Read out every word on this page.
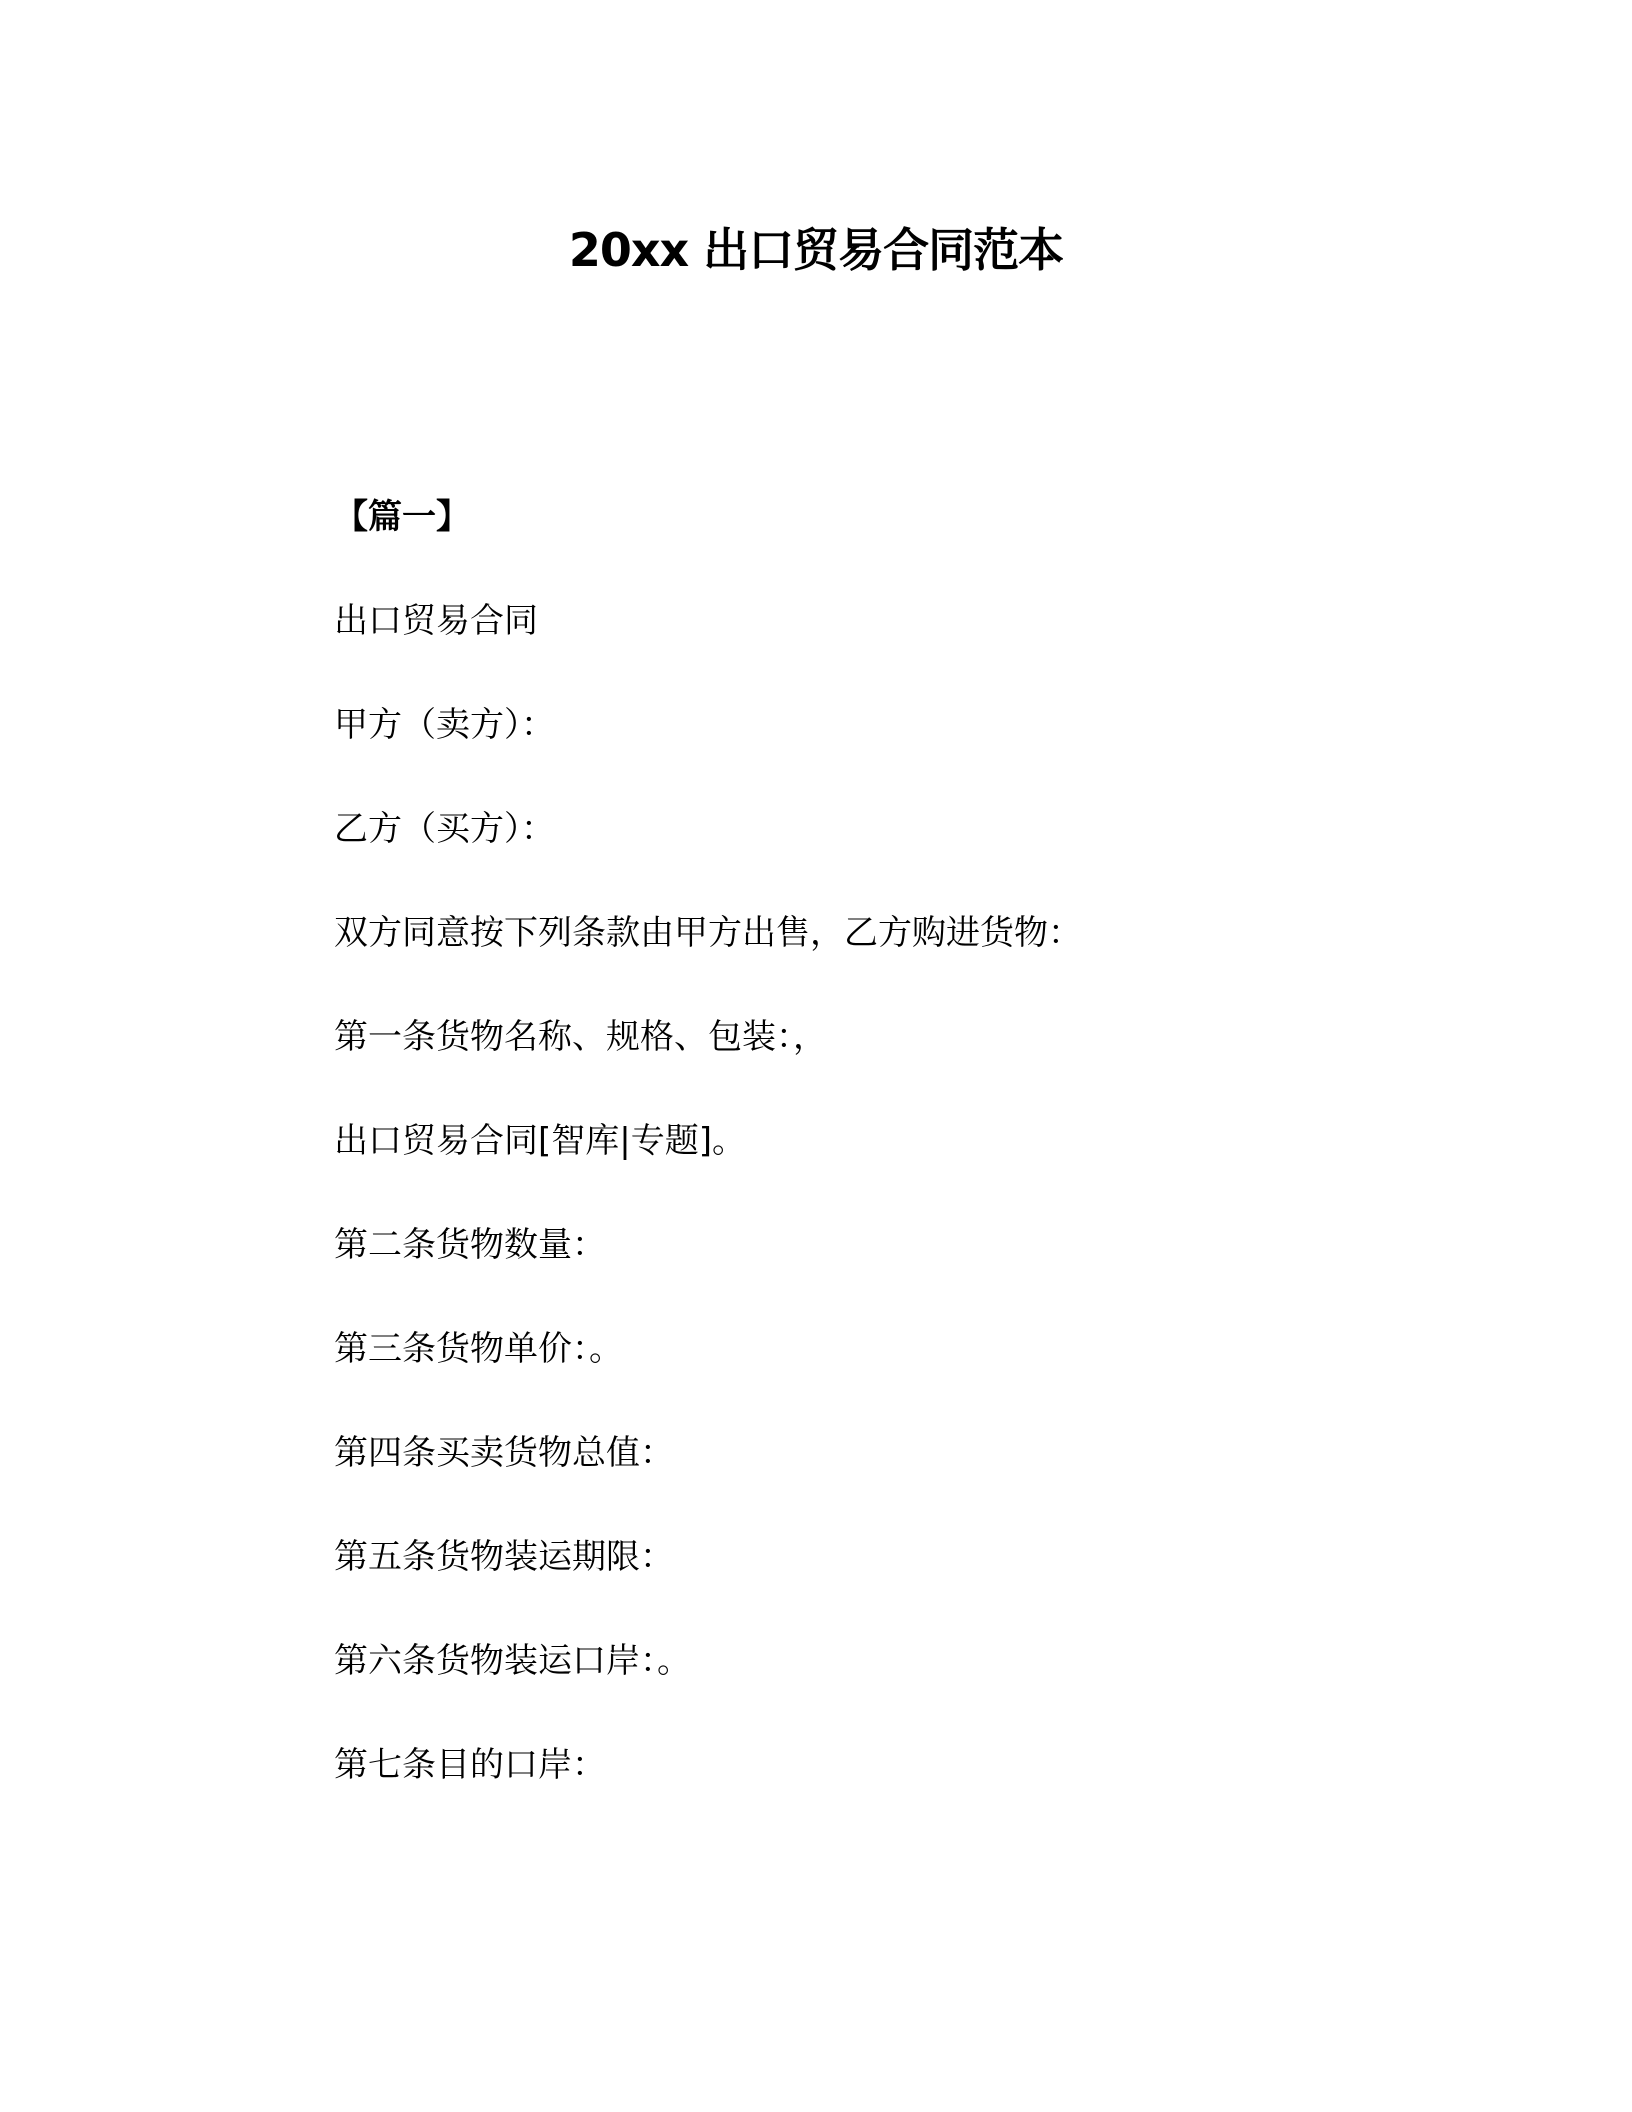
20xx 出口贸易合同范本
【篇一】
出口贸易合同
甲方（卖方）：
乙方（买方）：
双方同意按下列条款由甲方出售，乙方购进货物：
第一条货物名称、规格、包装：，
出口贸易合同[智库|专题]。
第二条货物数量：
第三条货物单价：。
第四条买卖货物总值：
第五条货物装运期限：
第六条货物装运口岸：。
第七条目的口岸：
